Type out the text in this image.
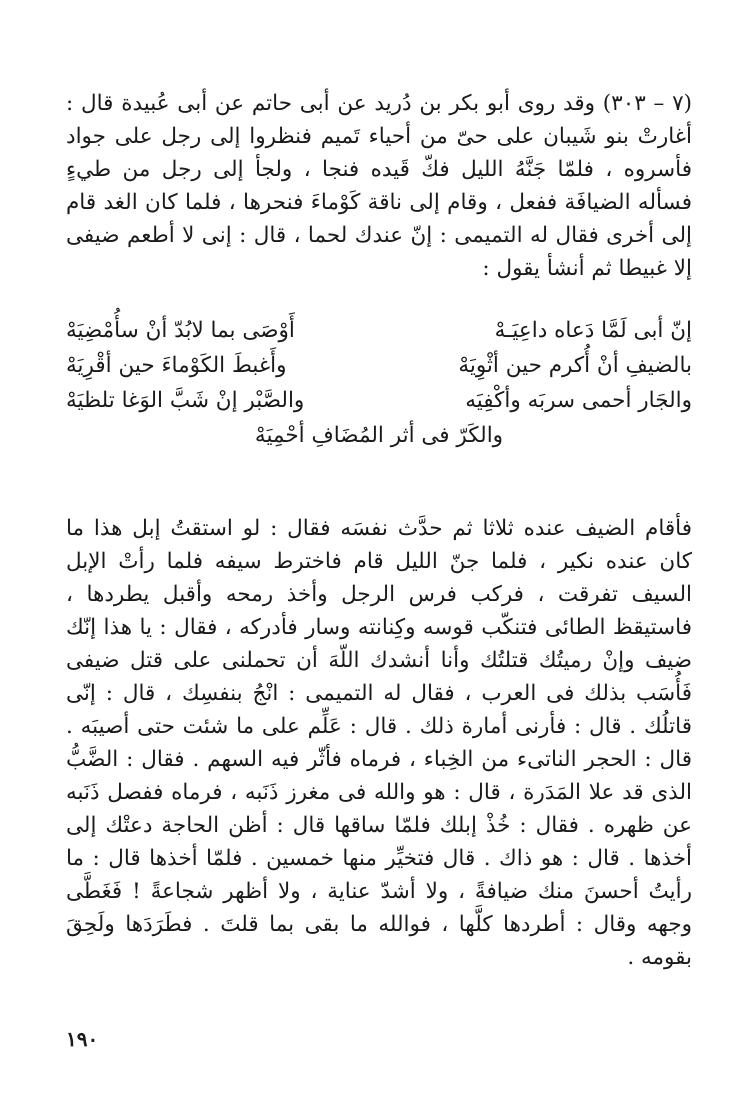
(٧ – ٣٠٣) وقد روى أبو بكر بن دُريد عن أبى حاتم عن أبى عُبيدة قال : أغارتْ بنو شَيبان على حىّ من أحياء تَميم فنظروا إلى رجل على جواد فأسروه ، فلمّا جَنَّهُ الليل فكّ قَيده فنجا ، ولجأ إلى رجل من طيءٍ فسأله الضيافَة ففعل ، وقام إلى ناقة كَوْماءَ فنحرها ، فلما كان الغد قام إلى أخرى فقال له التميمى : إنّ عندك لحما ، قال : إنى لا أطعم ضيفى إلا غبيطا ثم أنشأ يقول :

إنّ أبى لَمَّا دَعاه داعِيَـهْ
أَوْصَى بما لابُدّ أنْ سأُمْضِيَهْ
بالضيفِ أنْ أُكرم حين أثْوِيَهْ
وأَغبطَ الكَوْماءَ حين أقْرِيَهْ
والجَار أحمى سربَه وأكْفِيَه
والصَّبْر إنْ شَبَّ الوَغا تلظيَهْ
والكَرّ فى أثر المُضَافِ أحْمِيَهْ

فأقام الضيف عنده ثلاثا ثم حدَّث نفسَه فقال : لو استقتُ إبل هذا ما كان عنده نكير ، فلما جنّ الليل قام فاخترط سيفه فلما رأتْ الإبل السيف تفرقت ، فركب فرس الرجل وأخذ رمحه وأقبل يطردها ، فاستيقظ الطائى فتنكّب قوسه وكِنانته وسار فأدركه ، فقال : يا هذا إنّك ضيف وإنْ رميتُك قتلتُك وأنا أنشدك اللّهَ أن تحملنى على قتل ضيفى فَأُسَب بذلك فى العرب ، فقال له التميمى : انْجُ بنفسِك ، قال : إنّى قاتلُك . قال : فأرنى أمارة ذلك . قال : عَلِّم على ما شئت حتى أصيبَه . قال : الحجر الناتىء من الخِباء ، فرماه فأثّر فيه السهم . فقال : الضَّبُّ الذى قد علا المَدَرة ، قال : هو والله فى مغرز ذَنَبه ، فرماه ففصل ذَنَبه عن ظهره . فقال : خُذْ إبلك فلمّا ساقها قال : أظن الحاجة دعتْك إلى أخذها . قال : هو ذاك . قال فتخيِّر منها خمسين . فلمّا أخذها قال : ما رأيتُ أحسنَ منك ضيافةً ، ولا أشدّ عناية ، ولا أظهر شجاعةً ! فَغَطَّى وجهه وقال : أطردها كلَّها ، فوالله ما بقى بما قلتَ . فطَرَدَها ولَحِقَ بقومه .

١٩٠
